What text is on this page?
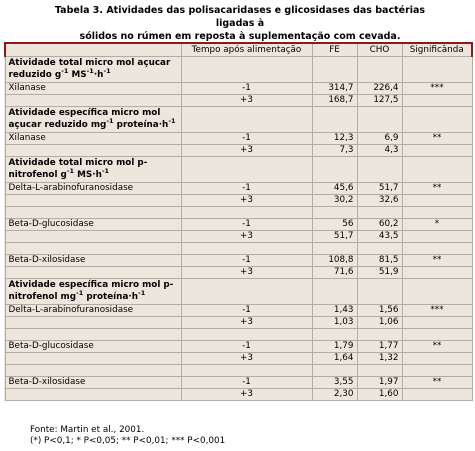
Tabela 3. Atividades das polisacaridases e glicosidases das bactérias ligadas à
sólidos no rúmen em reposta à suplementação com cevada.
	Tempo após alimentação	FE	CHO	Significânda
Atividade total micro mol açucar reduzido $g^{-1}$ $MS^{-1}\cdot h^{-1}$				
Xilanase	-1	314,7	226,4	***
	+3	168,7	127,5	
Atividade específica micro mol açucar reduzido $mg^{-1}$ $proteína\cdot h^{-1}$				
Xilanase	-1	12,3	6,9	**
	+3	7,3	4,3	
Atividade total micro mol p-nitrofenol $g^{-1}$ $MS\cdot h^{-1}$				
Delta-L-arabinofuranosidase	-1	45,6	51,7	**
	+3	30,2	32,6	

Beta-D-glucosidase	-1	56	60,2	*
	+3	51,7	43,5	

Beta-D-xilosidase	-1	108,8	81,5	**
	+3	71,6	51,9	
Atividade específica micro mol p-nitrofenol $mg^{-1}$ $proteína\cdot h^{-1}$				
Delta-L-arabinofuranosidase	-1	1,43	1,56	***
	+3	1,03	1,06	

Beta-D-glucosidase	-1	1,79	1,77	**
	+3	1,64	1,32	

Beta-D-xilosidase	-1	3,55	1,97	**
	+3	2,30	1,60	
Fonte: Martin et al., 2001.
(*) P<0,1; * P<0,05; ** P<0,01; *** P<0,001
